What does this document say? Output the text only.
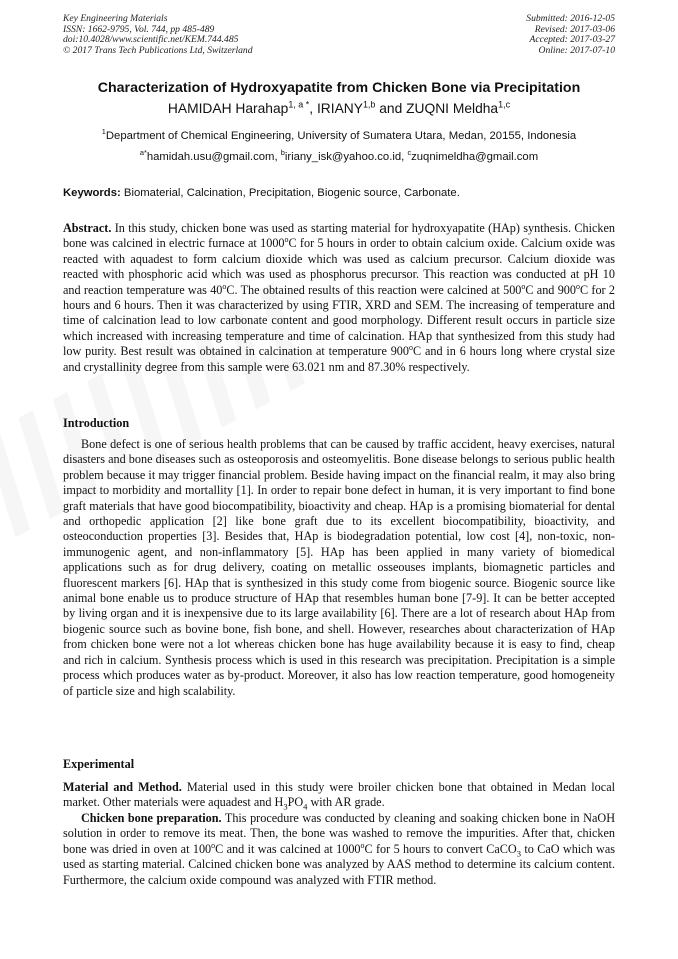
Key Engineering Materials
ISSN: 1662-9795, Vol. 744, pp 485-489
doi:10.4028/www.scientific.net/KEM.744.485
© 2017 Trans Tech Publications Ltd, Switzerland
Submitted: 2016-12-05
Revised: 2017-03-06
Accepted: 2017-03-27
Online: 2017-07-10
Characterization of Hydroxyapatite from Chicken Bone via Precipitation
HAMIDAH Harahap$^{1, a *}$, IRIANY$^{1,b}$ and ZUQNI Meldha$^{1,c}$
$^1$Department of Chemical Engineering, University of Sumatera Utara, Medan, 20155, Indonesia
$^{a*}$hamidah.usu@gmail.com, $^b$iriany_isk@yahoo.co.id, $^c$zuqnimeldha@gmail.com
Keywords: Biomaterial, Calcination, Precipitation, Biogenic source, Carbonate.
Abstract. In this study, chicken bone was used as starting material for hydroxyapatite (HAp) synthesis. Chicken bone was calcined in electric furnace at 1000$^o$C for 5 hours in order to obtain calcium oxide. Calcium oxide was reacted with aquadest to form calcium dioxide which was used as calcium precursor. Calcium dioxide was reacted with phosphoric acid which was used as phosphorus precursor. This reaction was conducted at pH 10 and reaction temperature was 40$^o$C. The obtained results of this reaction were calcined at 500$^o$C and 900$^o$C for 2 hours and 6 hours. Then it was characterized by using FTIR, XRD and SEM. The increasing of temperature and time of calcination lead to low carbonate content and good morphology. Different result occurs in particle size which increased with increasing temperature and time of calcination. HAp that synthesized from this study had low purity. Best result was obtained in calcination at temperature 900$^o$C and in 6 hours long where crystal size and crystallinity degree from this sample were 63.021 nm and 87.30% respectively.
Introduction
Bone defect is one of serious health problems that can be caused by traffic accident, heavy exercises, natural disasters and bone diseases such as osteoporosis and osteomyelitis. Bone disease belongs to serious public health problem because it may trigger financial problem. Beside having impact on the financial realm, it may also bring impact to morbidity and mortallity [1]. In order to repair bone defect in human, it is very important to find bone graft materials that have good biocompatibility, bioactivity and cheap. HAp is a promising biomaterial for dental and orthopedic application [2] like bone graft due to its excellent biocompatibility, bioactivity, and osteoconduction properties [3]. Besides that, HAp is biodegradation potential, low cost [4], non-toxic, non-immunogenic agent, and non-inflammatory [5]. HAp has been applied in many variety of biomedical applications such as for drug delivery, coating on metallic osseouses implants, biomagnetic particles and fluorescent markers [6]. HAp that is synthesized in this study come from biogenic source. Biogenic source like animal bone enable us to produce structure of HAp that resembles human bone [7-9]. It can be better accepted by living organ and it is inexpensive due to its large availability [6]. There are a lot of research about HAp from biogenic source such as bovine bone, fish bone, and shell. However, researches about characterization of HAp from chicken bone were not a lot whereas chicken bone has huge availability because it is easy to find, cheap and rich in calcium. Synthesis process which is used in this research was precipitation. Precipitation is a simple process which produces water as by-product. Moreover, it also has low reaction temperature, good homogeneity of particle size and high scalability.
Experimental
Material and Method. Material used in this study were broiler chicken bone that obtained in Medan local market. Other materials were aquadest and $H_3PO_4$ with AR grade.
Chicken bone preparation. This procedure was conducted by cleaning and soaking chicken bone in NaOH solution in order to remove its meat. Then, the bone was washed to remove the impurities. After that, chicken bone was dried in oven at 100$^o$C and it was calcined at 1000$^o$C for 5 hours to convert CaCO$_3$ to CaO which was used as starting material. Calcined chicken bone was analyzed by AAS method to determine its calcium content. Furthermore, the calcium oxide compound was analyzed with FTIR method.
